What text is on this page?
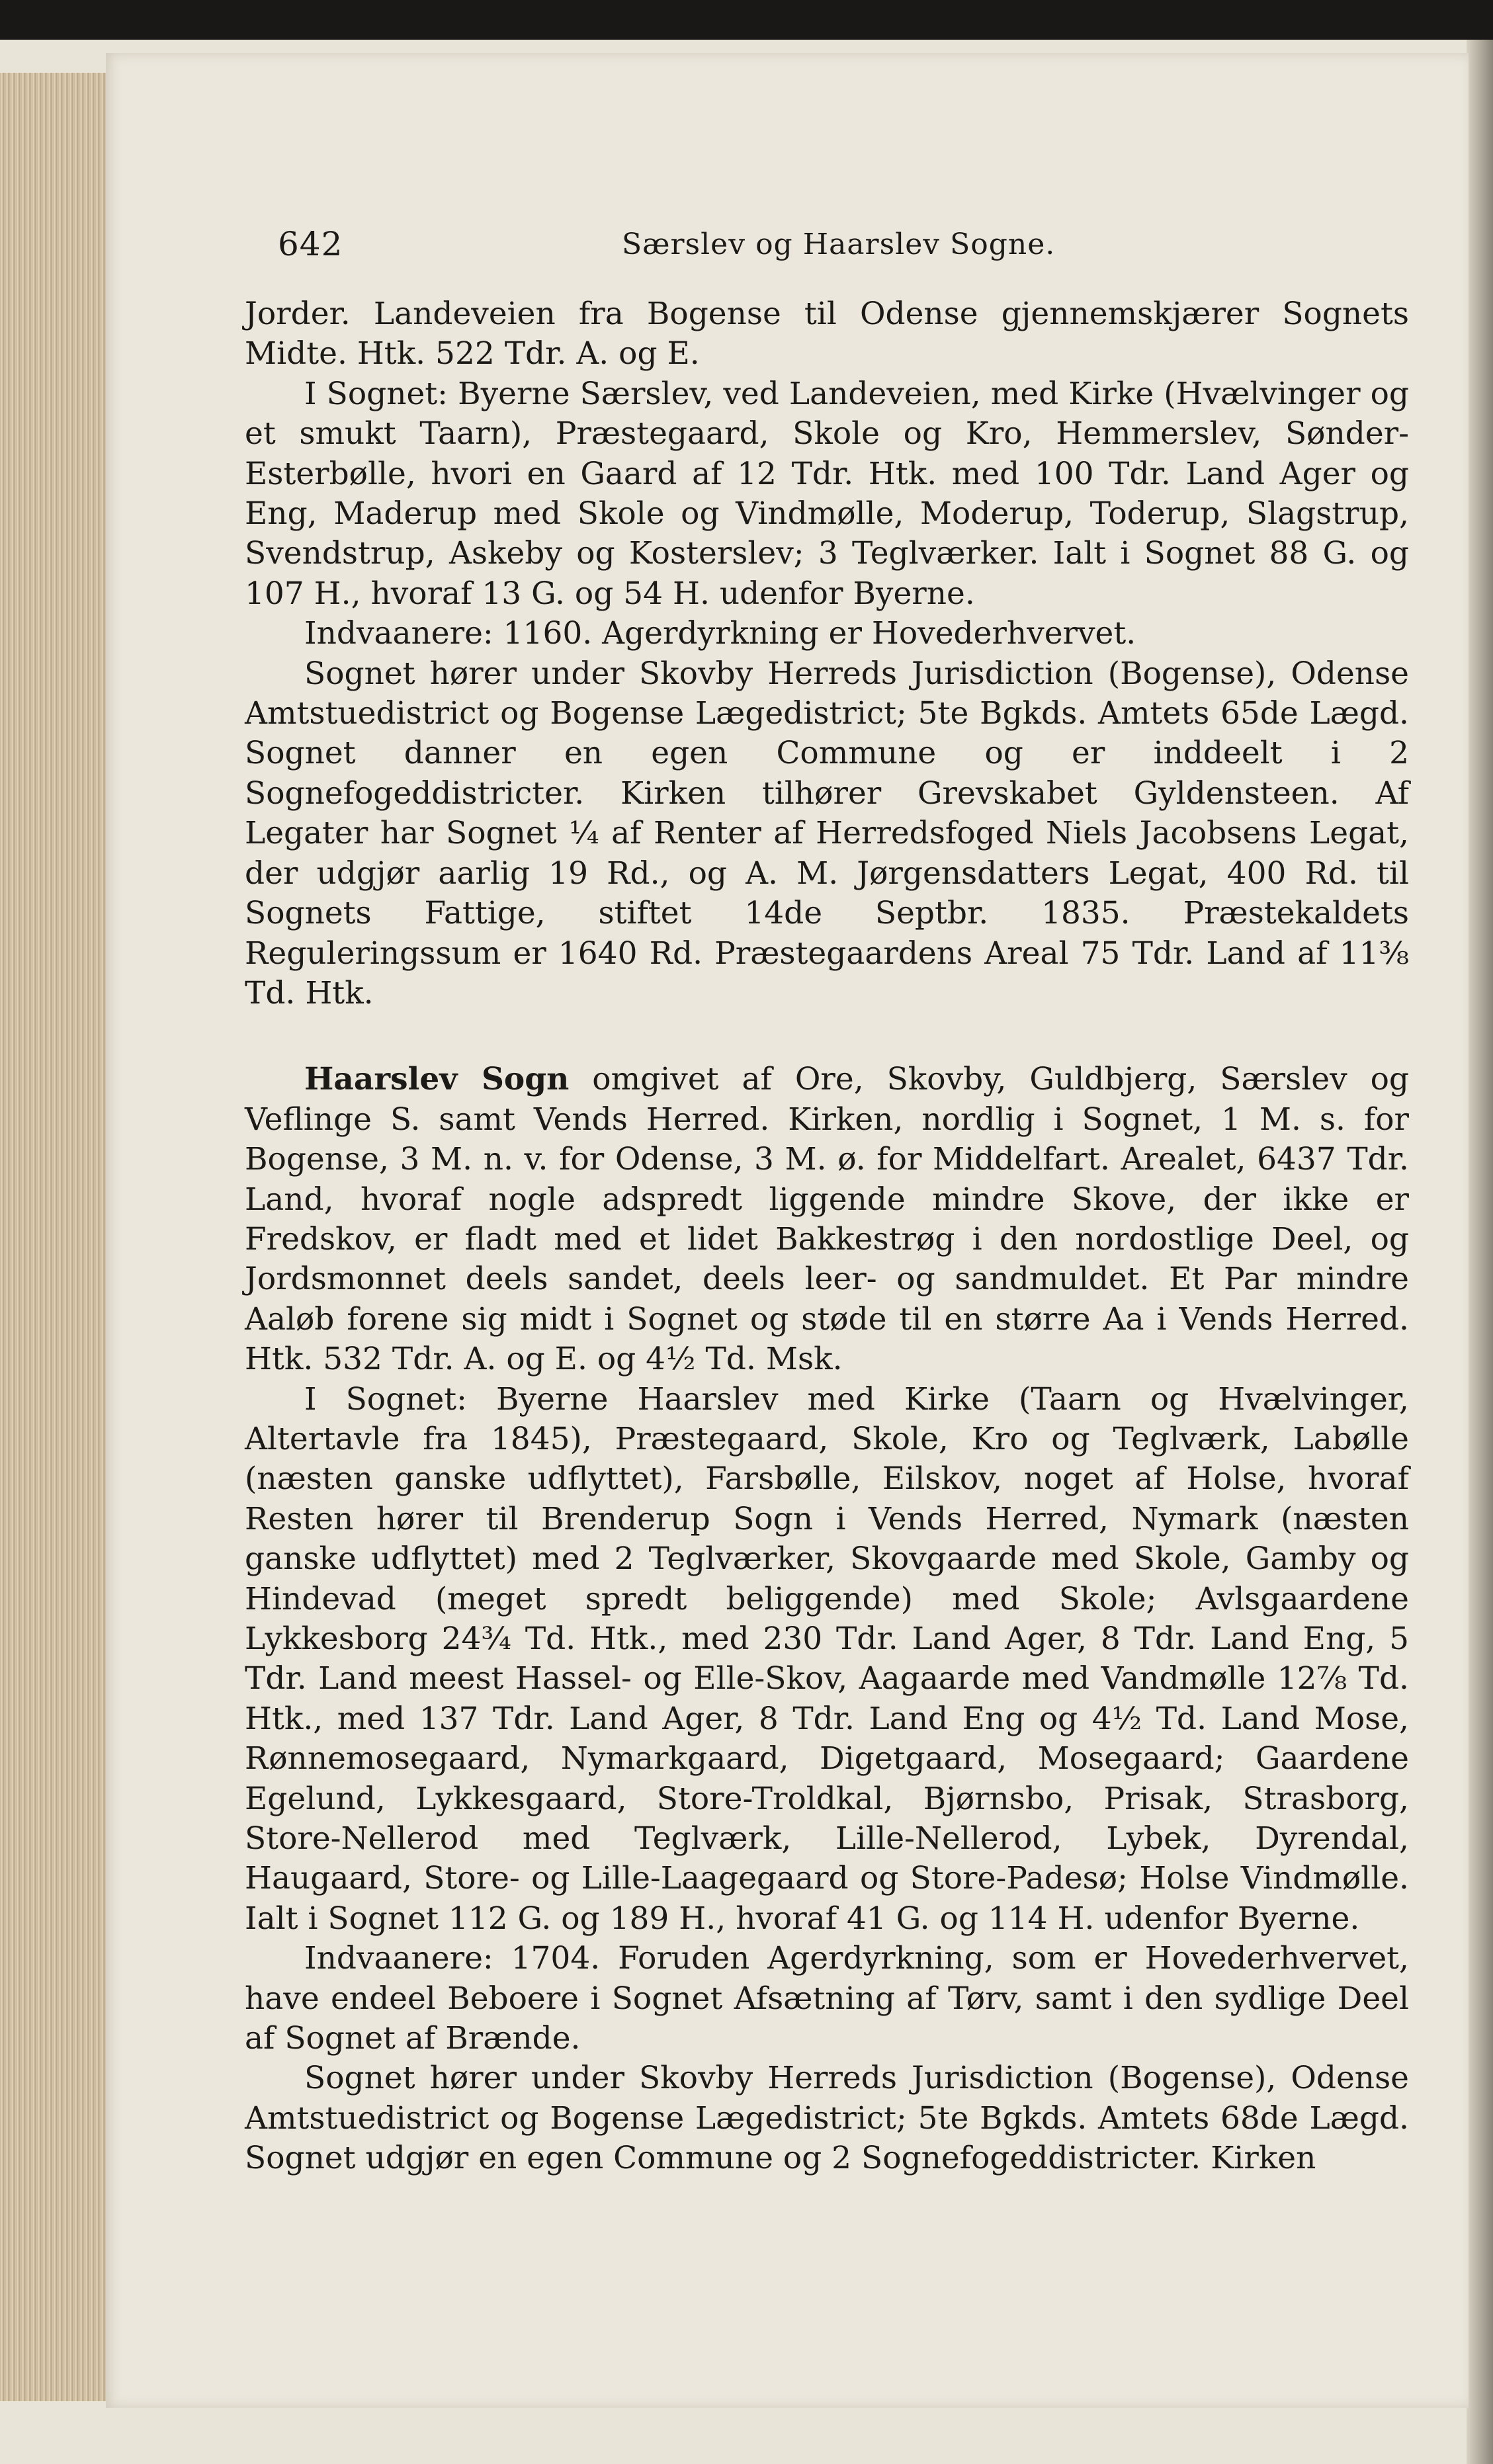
642	Særslev og Haarslev Sogne.

Jorder. Landeveien fra Bogense til Odense gjennemskjærer Sognets Midte. Htk. 522 Tdr. A. og E.

I Sognet: Byerne Særslev, ved Landeveien, med Kirke (Hvælvinger og et smukt Taarn), Præstegaard, Skole og Kro, Hemmerslev, Sønder-Esterbølle, hvori en Gaard af 12 Tdr. Htk. med 100 Tdr. Land Ager og Eng, Maderup med Skole og Vindmølle, Moderup, Toderup, Slagstrup, Svendstrup, Askeby og Kosterslev; 3 Teglværker. Ialt i Sognet 88 G. og 107 H., hvoraf 13 G. og 54 H. udenfor Byerne.

Indvaanere: 1160. Agerdyrkning er Hovederhvervet.

Sognet hører under Skovby Herreds Jurisdiction (Bogense), Odense Amtstuedistrict og Bogense Lægedistrict; 5te Bgkds. Amtets 65de Lægd. Sognet danner en egen Commune og er inddeelt i 2 Sognefogeddistricter. Kirken tilhører Grevskabet Gyldensteen. Af Legater har Sognet ¼ af Renter af Herredsfoged Niels Jacobsens Legat, der udgjør aarlig 19 Rd., og A. M. Jørgensdatters Legat, 400 Rd. til Sognets Fattige, stiftet 14de Septbr. 1835. Præstekaldets Reguleringssum er 1640 Rd. Præstegaardens Areal 75 Tdr. Land af 11⅜ Td. Htk.

Haarslev Sogn omgivet af Ore, Skovby, Guldbjerg, Særslev og Veflinge S. samt Vends Herred. Kirken, nordlig i Sognet, 1 M. s. for Bogense, 3 M. n. v. for Odense, 3 M. ø. for Middelfart. Arealet, 6437 Tdr. Land, hvoraf nogle adspredt liggende mindre Skove, der ikke er Fredskov, er fladt med et lidet Bakkestrøg i den nordostlige Deel, og Jordsmonnet deels sandet, deels leer- og sandmuldet. Et Par mindre Aaløb forene sig midt i Sognet og støde til en større Aa i Vends Herred. Htk. 532 Tdr. A. og E. og 4½ Td. Msk.

I Sognet: Byerne Haarslev med Kirke (Taarn og Hvælvinger, Altertavle fra 1845), Præstegaard, Skole, Kro og Teglværk, Labølle (næsten ganske udflyttet), Farsbølle, Eilskov, noget af Holse, hvoraf Resten hører til Brenderup Sogn i Vends Herred, Nymark (næsten ganske udflyttet) med 2 Teglværker, Skovgaarde med Skole, Gamby og Hindevad (meget spredt beliggende) med Skole; Avlsgaardene Lykkesborg 24¾ Td. Htk., med 230 Tdr. Land Ager, 8 Tdr. Land Eng, 5 Tdr. Land meest Hassel- og Elle-Skov, Aagaarde med Vandmølle 12⅞ Td. Htk., med 137 Tdr. Land Ager, 8 Tdr. Land Eng og 4½ Td. Land Mose, Rønnemosegaard, Nymarkgaard, Digetgaard, Mosegaard; Gaardene Egelund, Lykkesgaard, Store-Troldkal, Bjørnsbo, Prisak, Strasborg, Store-Nellerod med Teglværk, Lille-Nellerod, Lybek, Dyrendal, Haugaard, Store- og Lille-Laagegaard og Store-Padesø; Holse Vindmølle. Ialt i Sognet 112 G. og 189 H., hvoraf 41 G. og 114 H. udenfor Byerne.

Indvaanere: 1704. Foruden Agerdyrkning, som er Hovederhvervet, have endeel Beboere i Sognet Afsætning af Tørv, samt i den sydlige Deel af Sognet af Brænde.

Sognet hører under Skovby Herreds Jurisdiction (Bogense), Odense Amtstuedistrict og Bogense Lægedistrict; 5te Bgkds. Amtets 68de Lægd. Sognet udgjør en egen Commune og 2 Sognefogeddistricter. Kirken
